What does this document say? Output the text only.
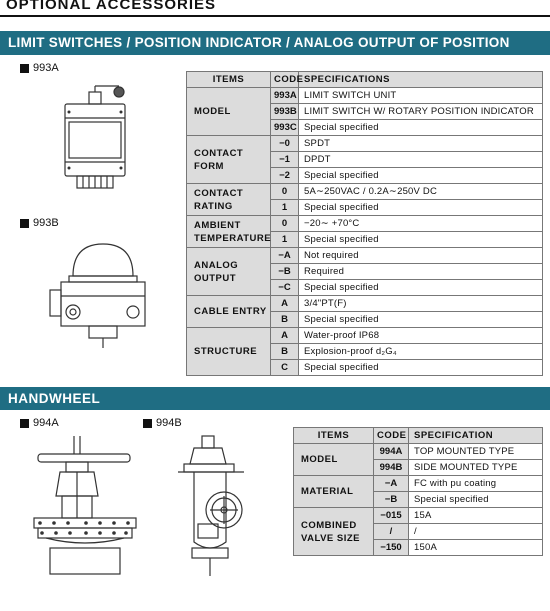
OPTIONAL ACCESSORIES
LIMIT SWITCHES / POSITION INDICATOR / ANALOG OUTPUT OF POSITION
993A
993B
ITEMS	CODE	SPECIFICATIONS
MODEL	993A	LIMIT SWITCH UNIT
	993B	LIMIT SWITCH W/ ROTARY POSITION INDICATOR
	993C	Special specified
CONTACT FORM	−0	SPDT
	−1	DPDT
	−2	Special specified
CONTACT RATING	0	5A∼250VAC / 0.2A∼250V DC
	1	Special specified
AMBIENT TEMPERATURE	0	−20∼ +70°C
	1	Special specified
ANALOG OUTPUT	−A	Not required
	−B	Required
	−C	Special specified
CABLE ENTRY	A	3/4"PT(F)
	B	Special specified
STRUCTURE	A	Water-proof IP68
	B	Explosion-proof d₂G₄
	C	Special specified
HANDWHEEL
994A	994B
ITEMS	CODE	SPECIFICATION
MODEL	994A	TOP MOUNTED TYPE
	994B	SIDE MOUNTED TYPE
MATERIAL	−A	FC with pu coating
	−B	Special specified
COMBINED VALVE SIZE	−015	15A
	/	/
	−150	150A
